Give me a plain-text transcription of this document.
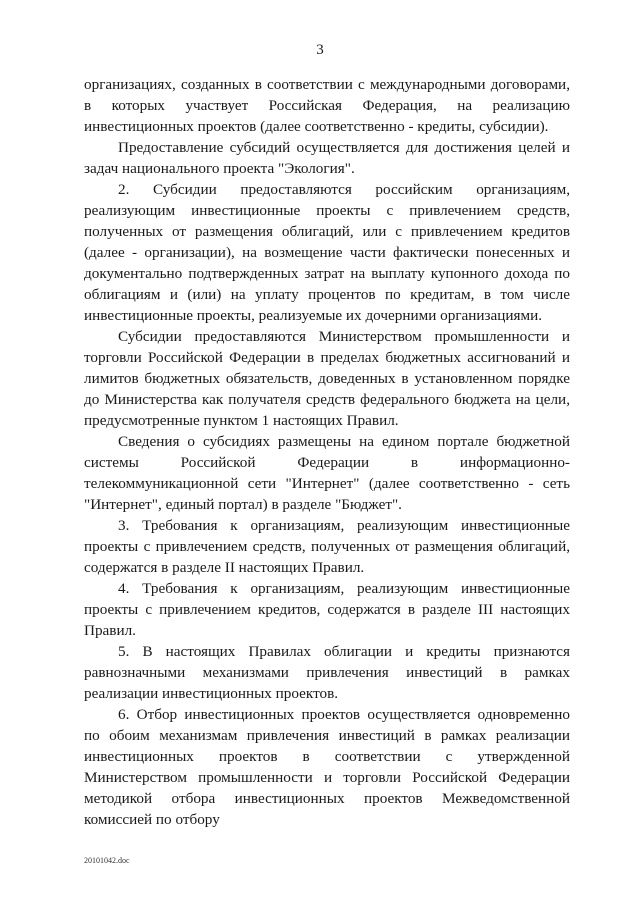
3

организациях, созданных в соответствии с международными договорами, в которых участвует Российская Федерация, на реализацию инвестиционных проектов (далее соответственно - кредиты, субсидии).

Предоставление субсидий осуществляется для достижения целей и задач национального проекта "Экология".

2. Субсидии предоставляются российским организациям, реализующим инвестиционные проекты с привлечением средств, полученных от размещения облигаций, или с привлечением кредитов (далее - организации), на возмещение части фактически понесенных и документально подтвержденных затрат на выплату купонного дохода по облигациям и (или) на уплату процентов по кредитам, в том числе инвестиционные проекты, реализуемые их дочерними организациями.

Субсидии предоставляются Министерством промышленности и торговли Российской Федерации в пределах бюджетных ассигнований и лимитов бюджетных обязательств, доведенных в установленном порядке до Министерства как получателя средств федерального бюджета на цели, предусмотренные пунктом 1 настоящих Правил.

Сведения о субсидиях размещены на едином портале бюджетной системы Российской Федерации в информационно-телекоммуникационной сети "Интернет" (далее соответственно - сеть "Интернет", единый портал) в разделе "Бюджет".

3. Требования к организациям, реализующим инвестиционные проекты с привлечением средств, полученных от размещения облигаций, содержатся в разделе II настоящих Правил.

4. Требования к организациям, реализующим инвестиционные проекты с привлечением кредитов, содержатся в разделе III настоящих Правил.

5. В настоящих Правилах облигации и кредиты признаются равнозначными механизмами привлечения инвестиций в рамках реализации инвестиционных проектов.

6. Отбор инвестиционных проектов осуществляется одновременно по обоим механизмам привлечения инвестиций в рамках реализации инвестиционных проектов в соответствии с утвержденной Министерством промышленности и торговли Российской Федерации методикой отбора инвестиционных проектов Межведомственной комиссией по отбору

20101042.doc
